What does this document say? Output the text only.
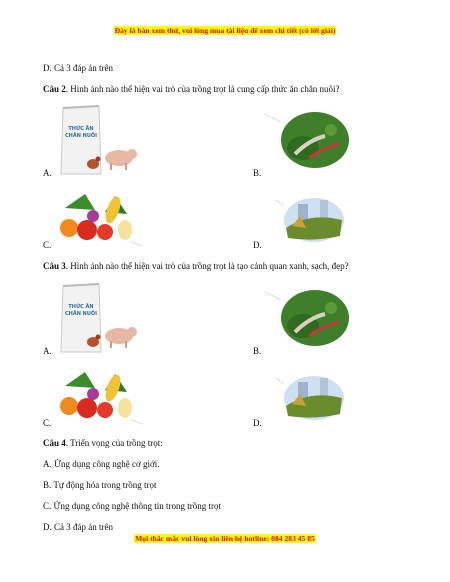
Đây là bản xem thử, vui lòng mua tài liệu để xem chi tiết (có lời giải)
D. Cả 3 đáp án trên
Câu 2. Hình ảnh nào thể hiện vai trò của trồng trọt là cung cấp thức ăn chăn nuôi?
THỨC ĂN
CHĂN NUÔI
A.	B.
C.	D.
Câu 3. Hình ảnh nào thể hiện vai trò của trồng trọt là tạo cảnh quan xanh, sạch, đẹp?
THỨC ĂN
CHĂN NUÔI
A.	B.
C.	D.
Câu 4. Triển vọng của trồng trọt:
A. Ứng dụng công nghệ cơ giới.
B. Tự động hóa trong trồng trọt
C. Ứng dụng công nghệ thông tin trong trồng trọt
D. Cả 3 đáp án trên
Mọi thắc mắc vui lòng xin liên hệ hotline: 084 283 45 85
